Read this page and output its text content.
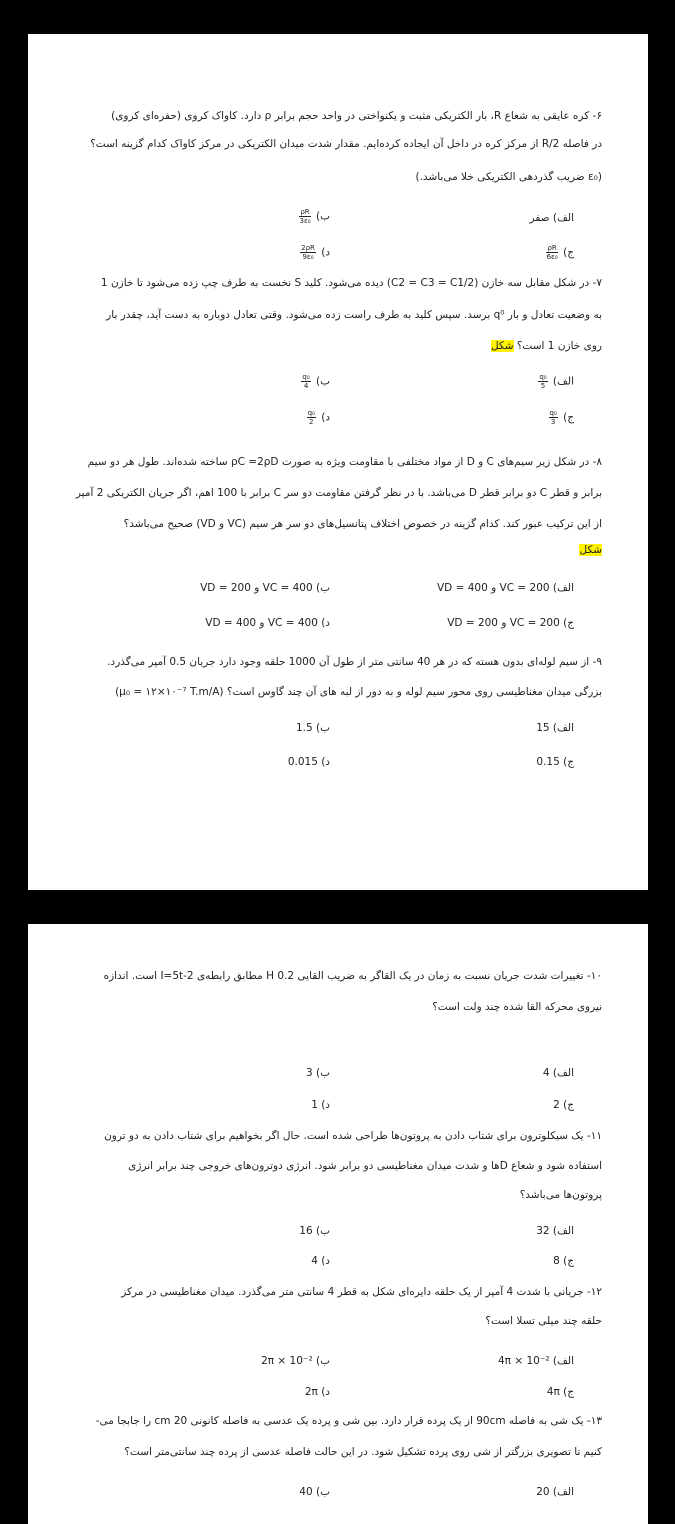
۶- کره عایقی به شعاع R، بار الکتریکی مثبت و یکنواختی در واحد حجم برابر ρ دارد. کاواک کروی (حفره‌ای کروی)
در فاصله R/2 از مرکز کره در داخل آن ایجاده کرده‌ایم. مقدار شدت میدان الکتریکی در مرکز کاواک کدام گزینه است؟
(ε₀ ضریب گذردهی الکتریکی خلا می‌باشد.)
الف) صفر
ب)
$\frac{\rho R}{\text{3ε₀}}$
ج)
$\frac{\rho R}{\text{6ε₀}}$
د)
$\frac{2\rho R}{\text{9ε₀}}$
۷- در شکل مقابل سه خازن (C2 = C3 = C1/2) دیده می‌شود. کلید S نخست به طرف چپ زده می‌شود تا خازن 1
به وضعیت تعادل و بار q⁰ برسد. سپس کلید به طرف راست زده می‌شود. وقتی تعادل دوباره به دست آید، چقدر بار
روی خازن 1 است؟ شکل
الف)
$\frac{\text{q₀}}{5}$
ب)
$\frac{\text{q₀}}{4}$
ج)
$\frac{\text{q₀}}{3}$
د)
$\frac{\text{q₀}}{2}$
۸- در شکل زیر سیم‌های C و D از مواد مختلفی با مقاومت ویژه به صورت ρC =2ρD ساخته شده‌اند. طول هر دو سیم
برابر و قطر C دو برابر قطر D می‌باشد. با در نظر گرفتن مقاومت دو سر C برابر با 100 اهم، اگر جریان الکتریکی 2 آمپر
از این ترکیب عبور کند. کدام گزینه در خصوص اختلاف پتانسیل‌های دو سر هر سیم (VC و VD) صحیح می‌باشد؟
شکل
الف) VC = 200 و VD = 400
ب) VC = 400 و VD = 200
ج) VC = 200 و VD = 200
د) VC = 400 و VD = 400
۹- از سیم لوله‌ای بدون هسته که در هر 40 سانتی متر از طول آن 1000 حلقه وجود دارد جریان 0.5 آمپر می‌گذرد.
بزرگی میدان مغناطیسی روی محور سیم لوله و به دور از لبه های آن چند گاوس است؟ (μ₀ = ۱۲×۱۰⁻⁷ T.m/A)
الف) 15
ب) 1.5
ج) 0.15
د) 0.015
۱۰- تغییرات شدت جریان نسبت به زمان در یک القاگر به ضریب القایی 0.2 H مطابق رابطه‌ی I=5t-2 است. اندازه
نیروی محرکه القا شده چند ولت است؟
الف) 4
ب) 3
ج) 2
د) 1
۱۱- یک سیکلوترون برای شتاب دادن به پروتون‌ها طراحی شده است. حال اگر بخواهیم برای شتاب دادن به دو ترون
استفاده شود و شعاع Dها و شدت میدان مغناطیسی دو برابر شود. انرژی دوترون‌های خروجی چند برابر انرژی
پروتون‌ها می‌باشد؟
الف) 32
ب) 16
ج) 8
د) 4
۱۲- جریانی با شدت 4 آمپر از یک حلقه دایره‌ای شکل به قطر 4 سانتی متر می‌گذرد. میدان مغناطیسی در مرکز
حلقه چند میلی تسلا است؟
الف) 4π × 10⁻²
ب) 2π × 10⁻²
ج) 4π
د) 2π
۱۳- یک شی به فاصله 90cm از یک پرده قرار دارد. بین شی و پرده یک عدسی به فاصله کانونی 20 cm را جابجا می-
کنیم تا تصویری بزرگتر از شی روی پرده تشکیل شود. در این حالت فاصله عدسی از پرده چند سانتی‌متر است؟
الف) 20
ب) 40
